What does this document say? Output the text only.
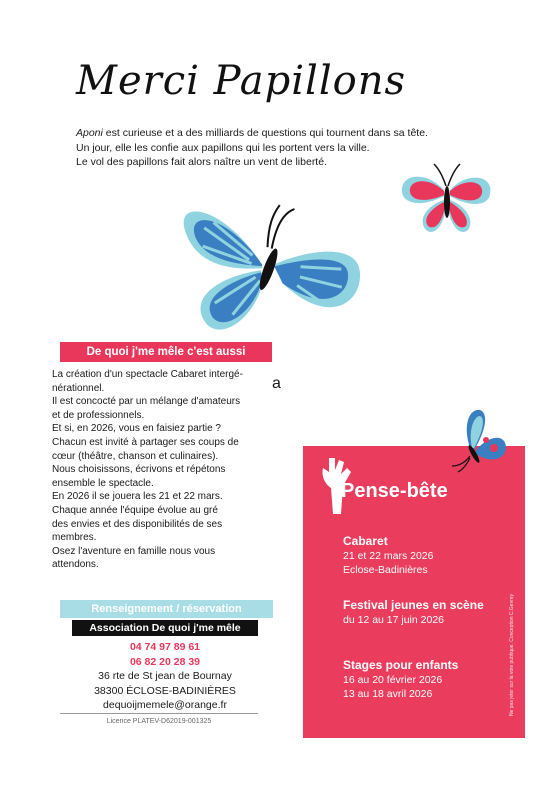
Merci Papillons
Aponi est curieuse et a des milliards de questions qui tournent dans sa tête.
Un jour, elle les confie aux papillons qui les portent vers la ville.
Le vol des papillons fait alors naître un vent de liberté.
De quoi j'me mêle c'est aussi

La création d'un spectacle Cabaret intergé-

nérationnel.

Il est concocté par un mélange d'amateurs

et de professionnels.

Et si, en 2026, vous en faisiez partie ?

Chacun est invité à partager ses coups de

cœur (théâtre, chanson et culinaires).

Nous choisissons, écrivons et répétons

ensemble le spectacle.

En 2026 il se jouera les 21 et 22 mars.

Chaque année l'équipe évolue au gré

des envies et des disponibilités de ses

membres.

Osez l'aventure en famille nous vous

attendons.

a
Renseignement / réservation
Association De quoi j'me mêle
04 74 97 89 61
06 82 20 28 39
36 rte de St jean de Bournay
38300 ÉCLOSE-BADINIÈRES
dequoijmemele@orange.fr
Licence PLATEV-D62019-001325
Pense-bête
Cabaret
21 et 22 mars 2026
Eclose-Badinières
Festival jeunes en scène
du 12 au 17 juin 2026
Stages pour enfants
16 au 20 février 2026
13 au 18 avril 2026	Ne pas jeter sur la voie publique. Conception C.Gevrey
